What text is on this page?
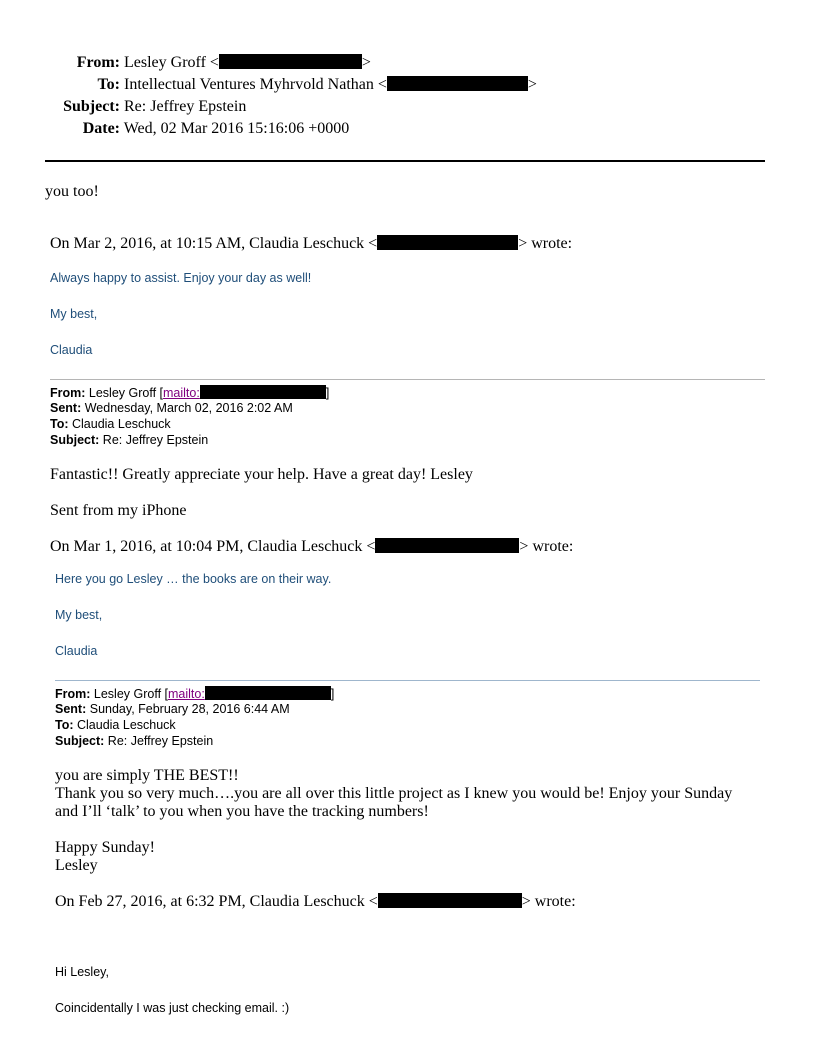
From: Lesley Groff <	>
To: Intellectual Ventures Myhrvold Nathan <	>
Subject: Re: Jeffrey Epstein
Date: Wed, 02 Mar 2016 15:16:06 +0000
you too!
On Mar 2, 2016, at 10:15 AM, Claudia Leschuck <	> wrote:
Always happy to assist. Enjoy your day as well!
My best,
Claudia
From: Lesley Groff [mailto:	]
Sent: Wednesday, March 02, 2016 2:02 AM
To: Claudia Leschuck
Subject: Re: Jeffrey Epstein
Fantastic!! Greatly appreciate your help. Have a great day! Lesley
Sent from my iPhone
On Mar 1, 2016, at 10:04 PM, Claudia Leschuck <	> wrote:
Here you go Lesley … the books are on their way.
My best,
Claudia
From: Lesley Groff [mailto:	]
Sent: Sunday, February 28, 2016 6:44 AM
To: Claudia Leschuck
Subject: Re: Jeffrey Epstein
you are simply THE BEST!!
Thank you so very much….you are all over this little project as I knew you would be! Enjoy your Sunday
and I’ll ‘talk’ to you when you have the tracking numbers!
Happy Sunday!
Lesley
On Feb 27, 2016, at 6:32 PM, Claudia Leschuck <	> wrote:
Hi Lesley,
Coincidentally I was just checking email. :)
